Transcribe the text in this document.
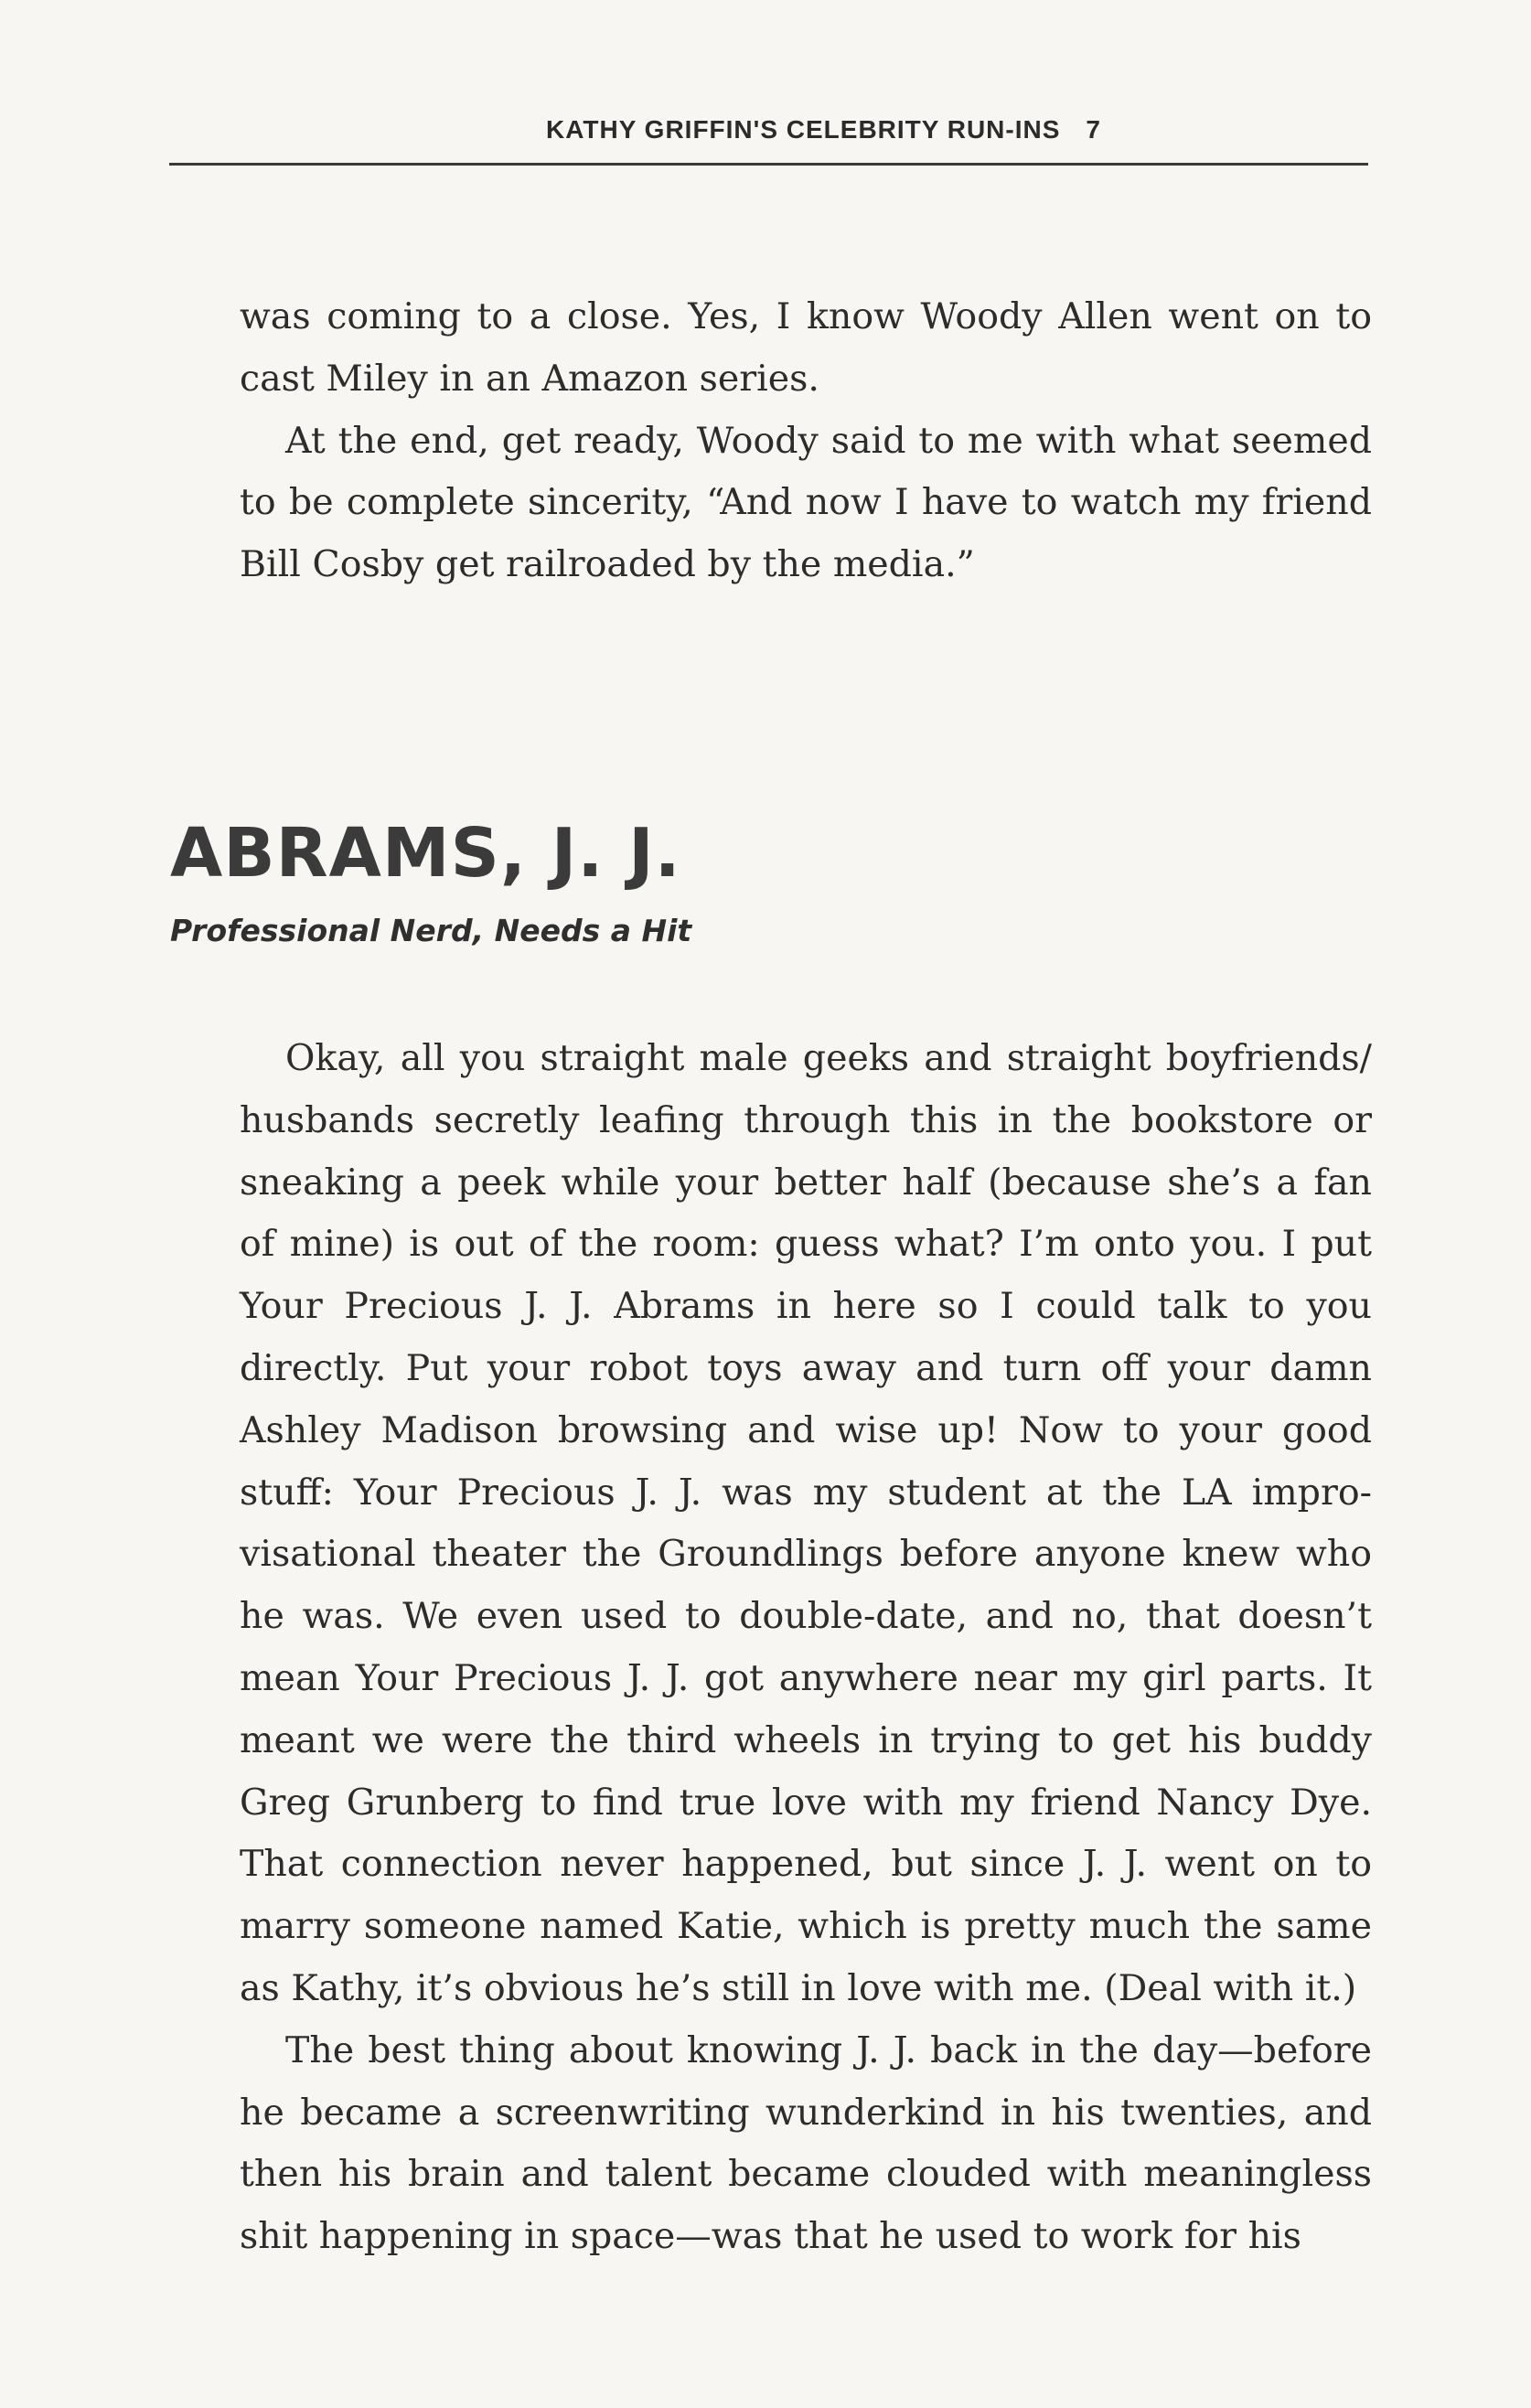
KATHY GRIFFIN'S CELEBRITY RUN-INS 7

was coming to a close. Yes, I know Woody Allen went on to cast Miley in an Amazon series.

At the end, get ready, Woody said to me with what seemed to be complete sincerity, “And now I have to watch my friend Bill Cosby get railroaded by the media.”

ABRAMS, J. J.
Professional Nerd, Needs a Hit

Okay, all you straight male geeks and straight boyfriends/ husbands secretly leafing through this in the bookstore or sneaking a peek while your better half (because she’s a fan of mine) is out of the room: guess what? I’m onto you. I put Your Precious J. J. Abrams in here so I could talk to you directly. Put your robot toys away and turn off your damn Ashley Madison browsing and wise up! Now to your good stuff: Your Precious J. J. was my student at the LA improvisational theater the Groundlings before anyone knew who he was. We even used to double-date, and no, that doesn’t mean Your Precious J. J. got anywhere near my girl parts. It meant we were the third wheels in trying to get his buddy Greg Grunberg to find true love with my friend Nancy Dye. That connection never happened, but since J. J. went on to marry someone named Katie, which is pretty much the same as Kathy, it’s obvious he’s still in love with me. (Deal with it.)

The best thing about knowing J. J. back in the day—before he became a screenwriting wunderkind in his twenties, and then his brain and talent became clouded with meaningless shit happening in space—was that he used to work for his
